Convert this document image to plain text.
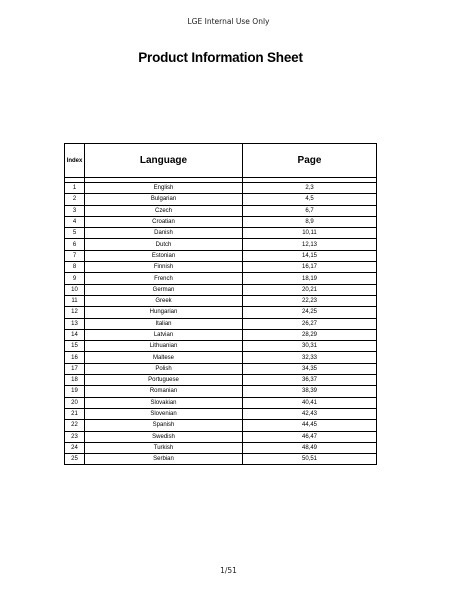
LGE Internal Use Only
Product Information Sheet
Index	Language	Page

1	English	2,3
2	Bulgarian	4,5
3	Czech	6,7
4	Croatian	8,9
5	Danish	10,11
6	Dutch	12,13
7	Estonian	14,15
8	Finnish	16,17
9	French	18,19
10	German	20,21
11	Greek	22,23
12	Hungarian	24,25
13	Italian	26,27
14	Latvian	28,29
15	Lithuanian	30,31
16	Maltese	32,33
17	Polish	34,35
18	Portuguese	36,37
19	Romanian	38,39
20	Slovakian	40,41
21	Slovenian	42,43
22	Spanish	44,45
23	Swedish	46,47
24	Turkish	48,49
25	Serbian	50,51
1/51
